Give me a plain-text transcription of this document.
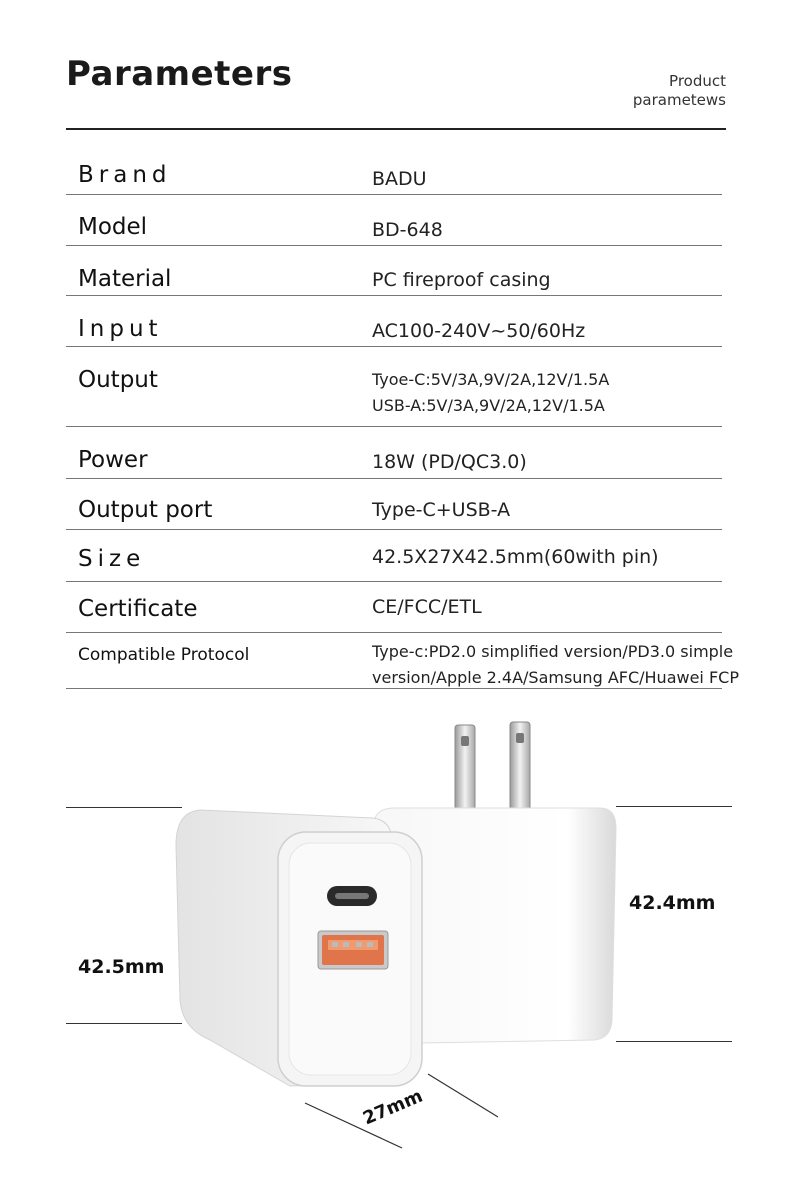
Parameters	Product
parametews
Brand	BADU
Model	BD-648
Material	PC fireproof casing
Input	AC100-240V~50/60Hz
Output	Tyoe-C:5V/3A,9V/2A,12V/1.5A
USB-A:5V/3A,9V/2A,12V/1.5A
Power	18W (PD/QC3.0)
Output port	Type-C+USB-A
Size	42.5X27X42.5mm(60with pin)
Certificate	CE/FCC/ETL
Compatible Protocol	Type-c:PD2.0 simplified version/PD3.0 simple
version/Apple 2.4A/Samsung AFC/Huawei FCP
42.5mm
42.4mm
27mm
